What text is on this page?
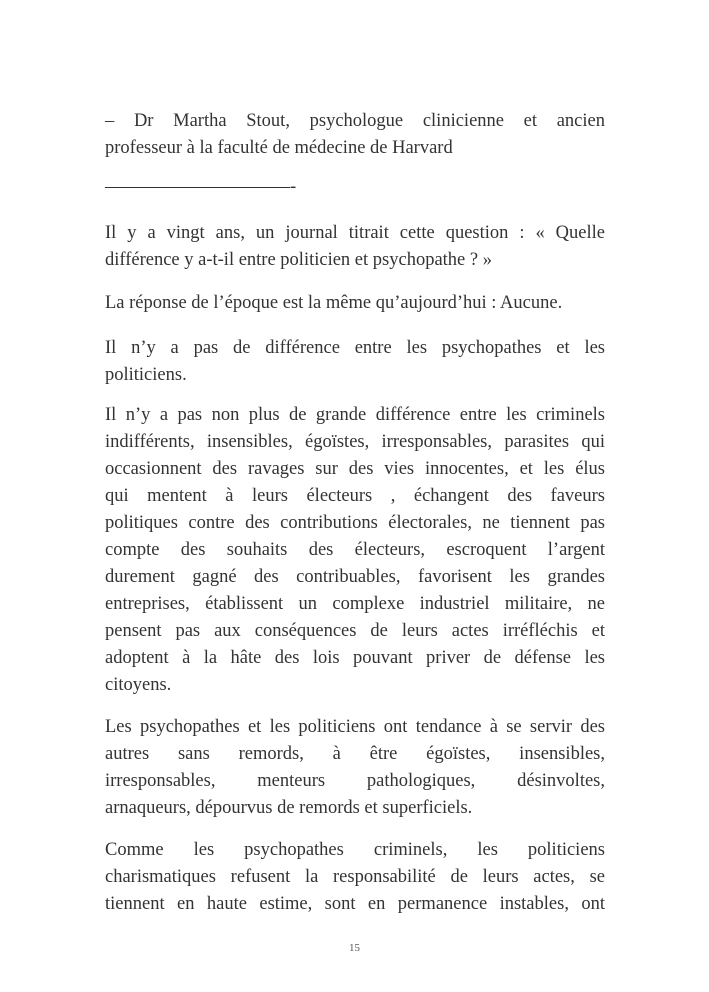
– Dr Martha Stout, psychologue clinicienne et ancien
professeur à la faculté de médecine de Harvard
——————————-
Il y a vingt ans, un journal titrait cette question : « Quelle
différence y a-t-il entre politicien et psychopathe ? »
La réponse de l’époque est la même qu’aujourd’hui : Aucune.
Il n’y a pas de différence entre les psychopathes et les
politiciens.
Il n’y a pas non plus de grande différence entre les criminels
indifférents, insensibles, égoïstes, irresponsables, parasites qui
occasionnent des ravages sur des vies innocentes, et les élus
qui mentent à leurs électeurs , échangent des faveurs
politiques contre des contributions électorales, ne tiennent pas
compte des souhaits des électeurs, escroquent l’argent
durement gagné des contribuables, favorisent les grandes
entreprises, établissent un complexe industriel militaire, ne
pensent pas aux conséquences de leurs actes irréfléchis et
adoptent à la hâte des lois pouvant priver de défense les
citoyens.
Les psychopathes et les politiciens ont tendance à se servir des
autres sans remords, à être égoïstes, insensibles,
irresponsables, menteurs pathologiques, désinvoltes,
arnaqueurs, dépourvus de remords et superficiels.
Comme les psychopathes criminels, les politiciens
charismatiques refusent la responsabilité de leurs actes, se
tiennent en haute estime, sont en permanence instables, ont
15
